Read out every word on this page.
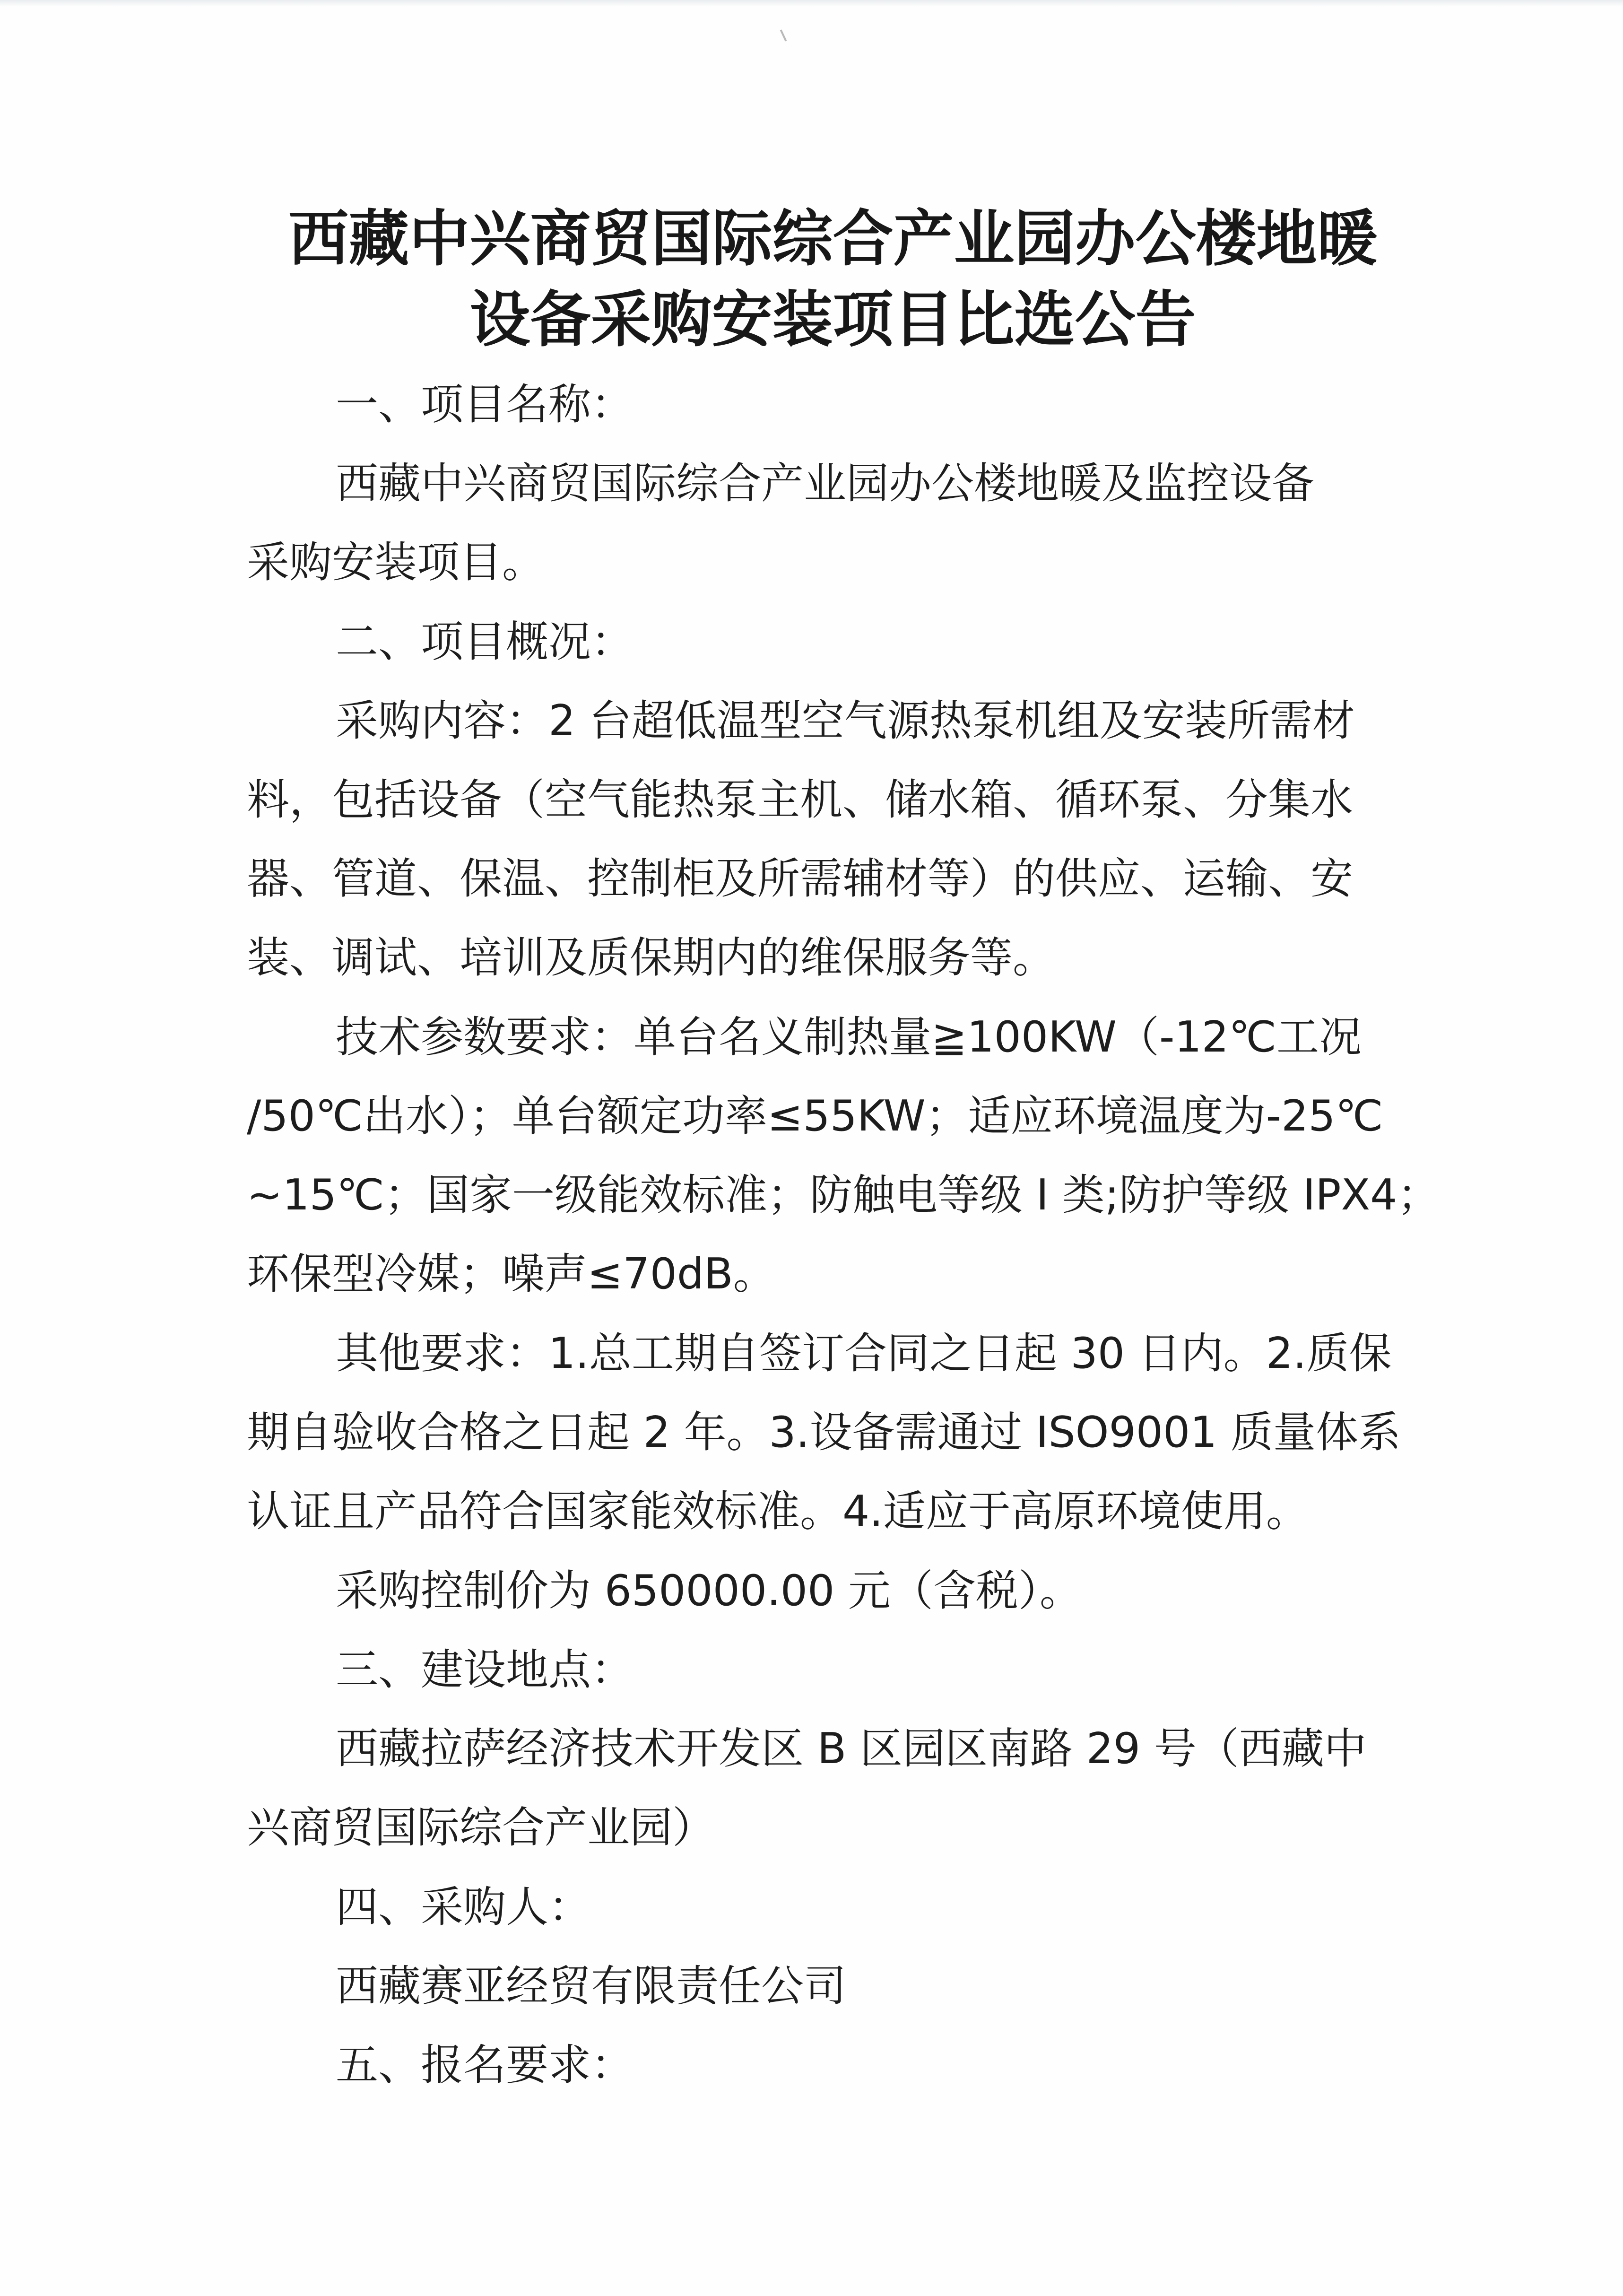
西藏中兴商贸国际综合产业园办公楼地暖
设备采购安装项目比选公告
一、项目名称：
西藏中兴商贸国际综合产业园办公楼地暖及监控设备
采购安装项目。
二、项目概况：
采购内容：2 台超低温型空气源热泵机组及安装所需材
料，包括设备（空气能热泵主机、储水箱、循环泵、分集水
器、管道、保温、控制柜及所需辅材等）的供应、运输、安
装、调试、培训及质保期内的维保服务等。
技术参数要求：单台名义制热量≧100KW（-12℃工况
/50℃出水）；单台额定功率≤55KW；适应环境温度为-25℃
~15℃；国家一级能效标准；防触电等级 I 类;防护等级 IPX4；
环保型冷媒；噪声≤70dB。
其他要求：1.总工期自签订合同之日起 30 日内。2.质保
期自验收合格之日起 2 年。3.设备需通过 ISO9001 质量体系
认证且产品符合国家能效标准。4.适应于高原环境使用。
采购控制价为 650000.00 元（含税）。
三、建设地点：
西藏拉萨经济技术开发区 B 区园区南路 29 号（西藏中
兴商贸国际综合产业园）
四、采购人：
西藏赛亚经贸有限责任公司
五、报名要求：
